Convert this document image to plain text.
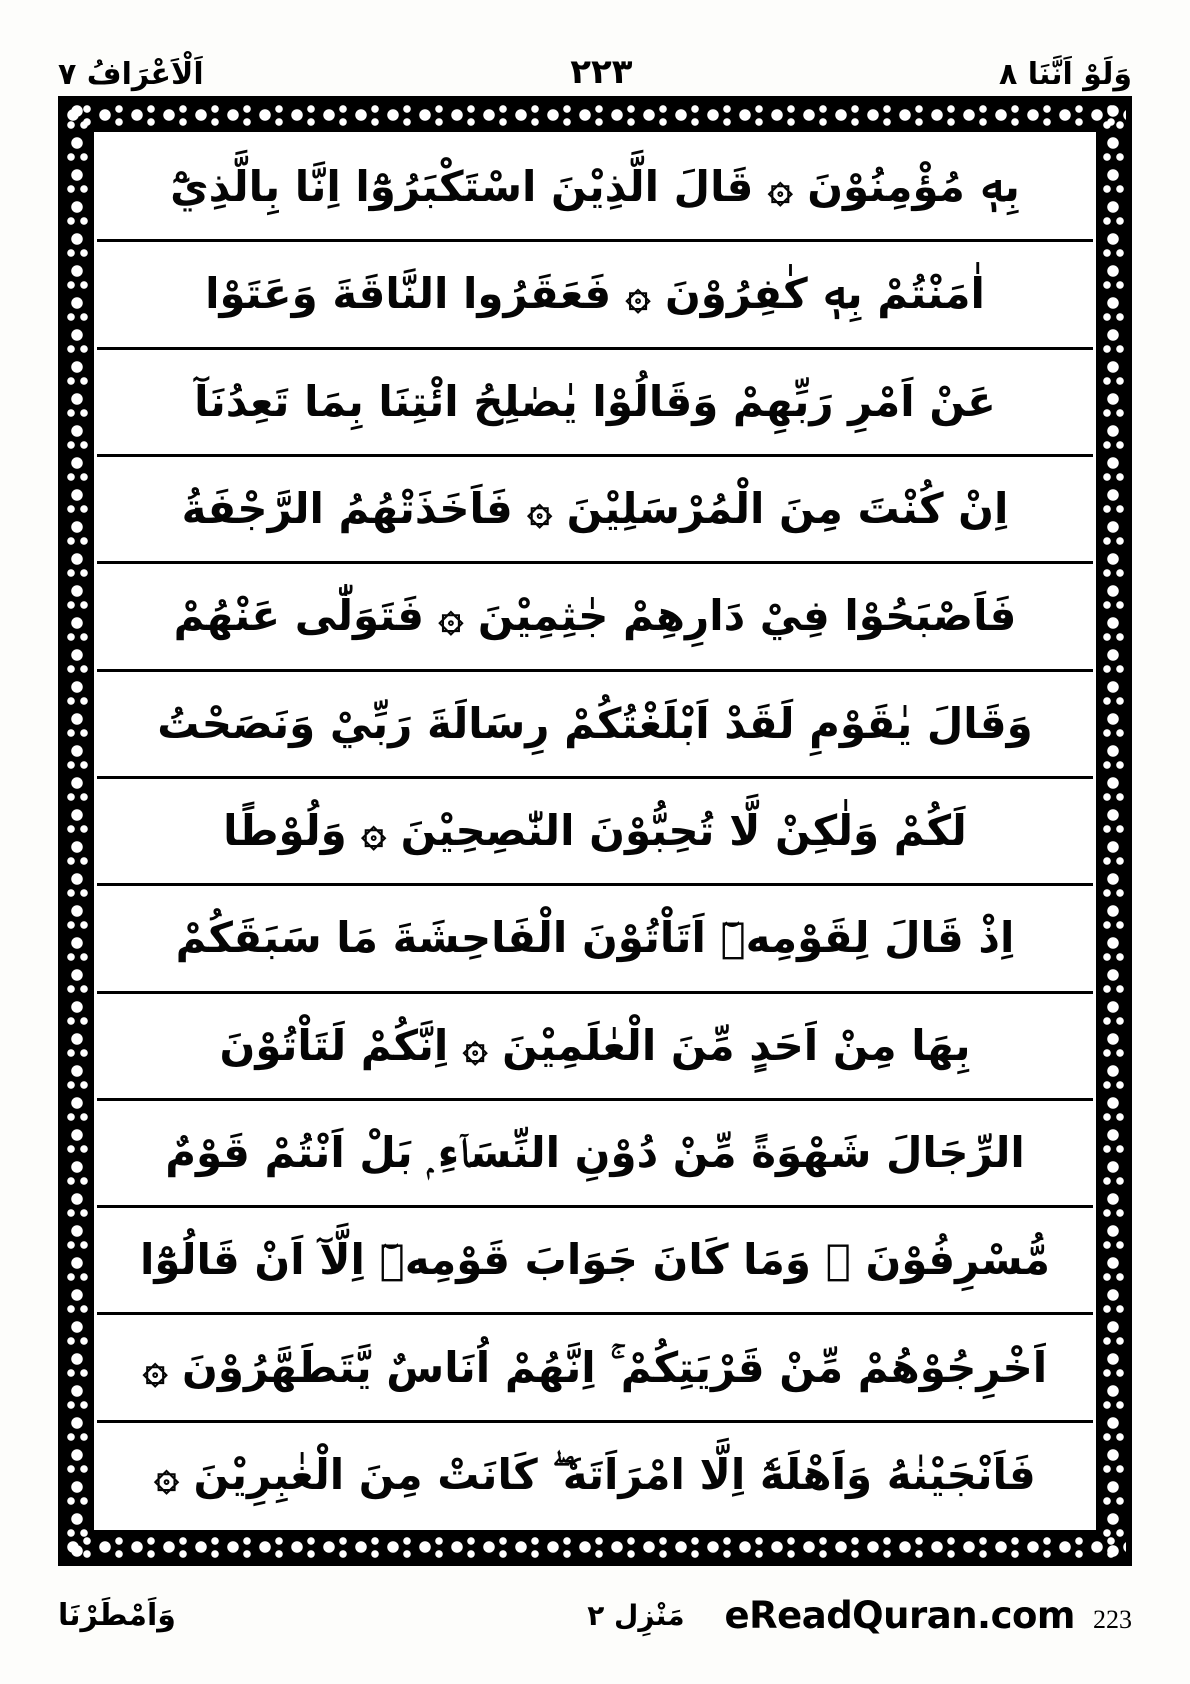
اَلْاَعْرَافُ ٧	٢٢٣	وَلَوْ اَنَّنَا ٨
بِهٖ مُؤْمِنُوْنَ ۞ قَالَ الَّذِيْنَ اسْتَكْبَرُوْٓا اِنَّا بِالَّذِيْٓ
اٰمَنْتُمْ بِهٖ كٰفِرُوْنَ ۞ فَعَقَرُوا النَّاقَةَ وَعَتَوْا
عَنْ اَمْرِ رَبِّهِمْ وَقَالُوْا يٰصٰلِحُ ائْتِنَا بِمَا تَعِدُنَآ
اِنْ كُنْتَ مِنَ الْمُرْسَلِيْنَ ۞ فَاَخَذَتْهُمُ الرَّجْفَةُ
فَاَصْبَحُوْا فِيْ دَارِهِمْ جٰثِمِيْنَ ۞ فَتَوَلّٰى عَنْهُمْ
وَقَالَ يٰقَوْمِ لَقَدْ اَبْلَغْتُكُمْ رِسَالَةَ رَبِّيْ وَنَصَحْتُ
لَكُمْ وَلٰكِنْ لَّا تُحِبُّوْنَ النّٰصِحِيْنَ ۞ وَلُوْطًا
اِذْ قَالَ لِقَوْمِهٖٓ اَتَاْتُوْنَ الْفَاحِشَةَ مَا سَبَقَكُمْ
بِهَا مِنْ اَحَدٍ مِّنَ الْعٰلَمِيْنَ ۞ اِنَّكُمْ لَتَاْتُوْنَ
الرِّجَالَ شَهْوَةً مِّنْ دُوْنِ النِّسَاۤءِ ۭ بَلْ اَنْتُمْ قَوْمٌ
مُّسْرِفُوْنَ ۞ وَمَا كَانَ جَوَابَ قَوْمِهٖٓ اِلَّآ اَنْ قَالُوْٓا
اَخْرِجُوْهُمْ مِّنْ قَرْيَتِكُمْ ۚ اِنَّهُمْ اُنَاسٌ يَّتَطَهَّرُوْنَ ۞
فَاَنْجَيْنٰهُ وَاَهْلَهٗٓ اِلَّا امْرَاَتَهٗ ۖ كَانَتْ مِنَ الْغٰبِرِيْنَ ۞
وَاَمْطَرْنَا	مَنْزِل ٢ eReadQuran.com 223
